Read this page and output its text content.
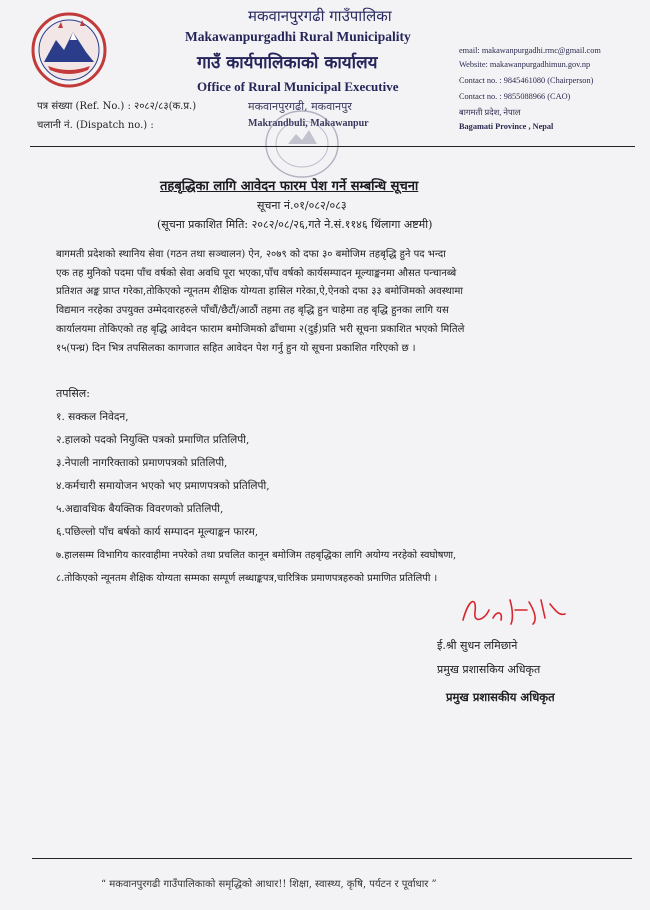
मकवानपुरगढी गाउँपालिका
Makawanpurgadhi Rural Municipality
गाउँ कार्यपालिकाको कार्यालय
Office of Rural Municipal Executive
मकवानपुरगढी, मकवानपुर
Makrandbuli, Makawanpur
email: makawanpurgadhi.rmc@gmail.com
Website: makawanpurgadhimun.gov.np
Contact no. : 9845461080 (Chairperson)
Contact no. : 9855088966 (CAO)
बागमती प्रदेश, नेपाल
Bagamati Province , Nepal
पत्र संख्या (Ref. No.) : २०८२/८३(क.प्र.)
चलानी नं. (Dispatch no.) :
तहबृद्धिका लागि आवेदन फारम पेश गर्ने सम्बन्धि सूचना
सूचना नं.०१/०८२/०८३
(सूचना प्रकाशित मिति: २०८२/०८/२६,गते ने.सं.११४६ थिंलागा अष्टमी)
बागमती प्रदेशको स्थानिय सेवा (गठन तथा सञ्चालन) ऐन, २०७९ को दफा ३० बमोजिम तहबृद्धि हुने पद भन्दा
एक तह मुनिको पदमा पाँच वर्षको सेवा अवधि पूरा भएका,पाँच वर्षको कार्यसम्पादन मूल्याङ्कनमा औसत पन्चानब्बे
प्रतिशत अङ्क प्राप्त गरेका,तोकिएको न्यूनतम शैक्षिक योग्यता हासिल गरेका,ऐ,ऐनको दफा ३३ बमोजिमको अवस्थामा
विद्यमान नरहेका उपयुक्त उम्मेदवारहरुले पाँचौं/छैटौं/आठौं तहमा तह बृद्धि हुन चाहेमा तह बृद्धि हुनका लागि यस
कार्यालयमा तोकिएको तह बृद्धि आवेदन फाराम बमोजिमको ढाँचामा २(दुई)प्रति भरी सूचना प्रकाशित भएको मितिले
१५(पन्ध्र) दिन भित्र तपसिलका कागजात सहित आवेदन पेश गर्नु हुन यो सूचना प्रकाशित गरिएको छ ।
तपसिल:
१. सक्कल निवेदन,
२.हालको पदको नियुक्ति पत्रको प्रमाणित प्रतिलिपी,
३.नेपाली नागरिक्ताको प्रमाणपत्रको प्रतिलिपी,
४.कर्मचारी समायोजन भएको भए प्रमाणपत्रको प्रतिलिपी,
५.अद्यावधिक बैयक्तिक विवरणको प्रतिलिपी,
६.पछिल्लो पाँच बर्षको कार्य सम्पादन मूल्याङ्कन फारम,
७.हालसम्म विभागिय कारवाहीमा नपरेको तथा प्रचलित कानून बमोजिम तहबृद्धिका लागि अयोग्य नरहेको स्वघोषणा,
८.तोकिएको न्यूनतम शैक्षिक योग्यता सम्मका सम्पूर्ण लब्धाङ्कपत्र,चारित्रिक प्रमाणपत्रहरुको प्रमाणित प्रतिलिपी ।
ई.श्री सुधन लमिछाने
प्रमुख प्रशासकिय अधिकृत
प्रमुख प्रशासकीय अधिकृत
“ मकवानपुरगढी गाउँपालिकाको समृद्धिको आधार!! शिक्षा, स्वास्थ्य, कृषि, पर्यटन र पूर्वाधार ”
